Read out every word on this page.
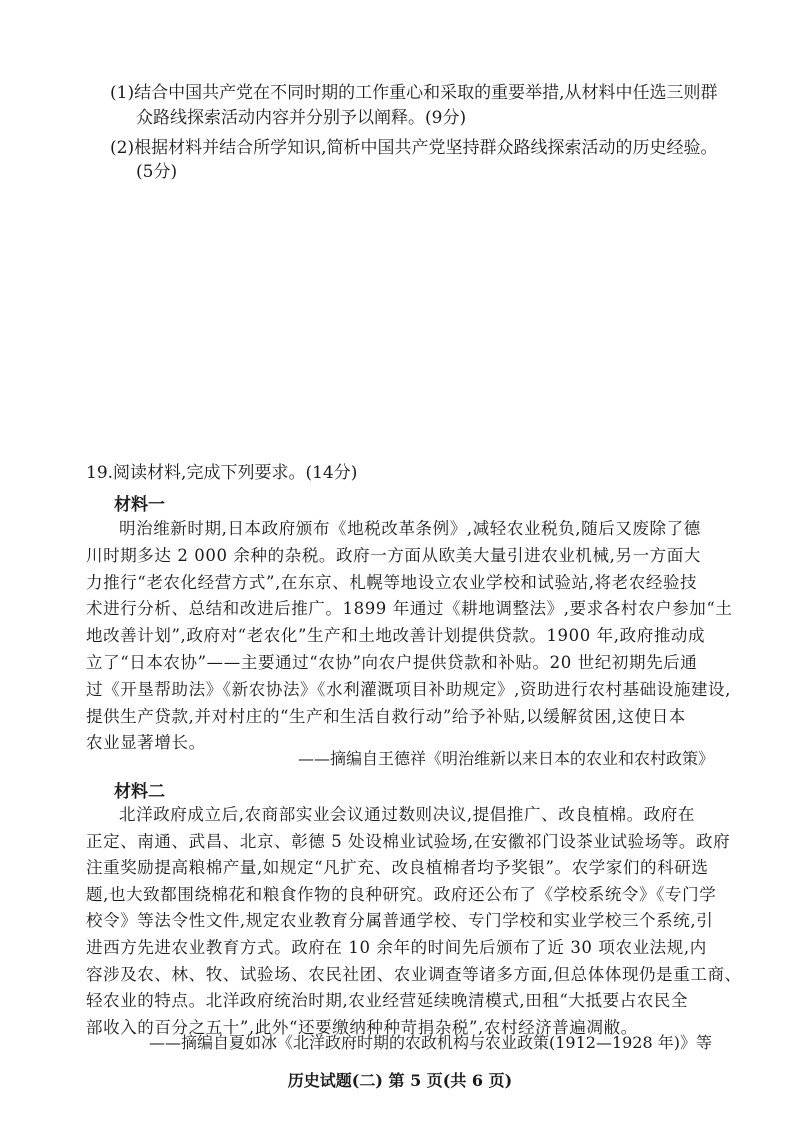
(1)结合中国共产党在不同时期的工作重心和采取的重要举措,从材料中任选三则群
众路线探索活动内容并分别予以阐释。(9分)
(2)根据材料并结合所学知识,简析中国共产党坚持群众路线探索活动的历史经验。
(5分)
19.阅读材料,完成下列要求。(14分)
材料一
明治维新时期,日本政府颁布《地税改革条例》,减轻农业税负,随后又废除了德
川时期多达 2 000 余种的杂税。政府一方面从欧美大量引进农业机械,另一方面大
力推行“老农化经营方式”,在东京、札幌等地设立农业学校和试验站,将老农经验技
术进行分析、总结和改进后推广。1899 年通过《耕地调整法》,要求各村农户参加“土
地改善计划”,政府对“老农化”生产和土地改善计划提供贷款。1900 年,政府推动成
立了“日本农协”——主要通过“农协”向农户提供贷款和补贴。20 世纪初期先后通
过《开垦帮助法》《新农协法》《水利灌溉项目补助规定》,资助进行农村基础设施建设,
提供生产贷款,并对村庄的“生产和生活自救行动”给予补贴,以缓解贫困,这使日本
农业显著增长。
——摘编自王德祥《明治维新以来日本的农业和农村政策》
材料二
北洋政府成立后,农商部实业会议通过数则决议,提倡推广、改良植棉。政府在
正定、南通、武昌、北京、彰德 5 处设棉业试验场,在安徽祁门设茶业试验场等。政府
注重奖励提高粮棉产量,如规定“凡扩充、改良植棉者均予奖银”。农学家们的科研选
题,也大致都围绕棉花和粮食作物的良种研究。政府还公布了《学校系统令》《专门学
校令》等法令性文件,规定农业教育分属普通学校、专门学校和实业学校三个系统,引
进西方先进农业教育方式。政府在 10 余年的时间先后颁布了近 30 项农业法规,内
容涉及农、林、牧、试验场、农民社团、农业调查等诸多方面,但总体体现仍是重工商、
轻农业的特点。北洋政府统治时期,农业经营延续晚清模式,田租“大抵要占农民全
部收入的百分之五十”,此外“还要缴纳种种苛捐杂税”,农村经济普遍凋敝。
——摘编自夏如冰《北洋政府时期的农政机构与农业政策(1912—1928 年)》等
历史试题(二) 第 5 页(共 6 页)
